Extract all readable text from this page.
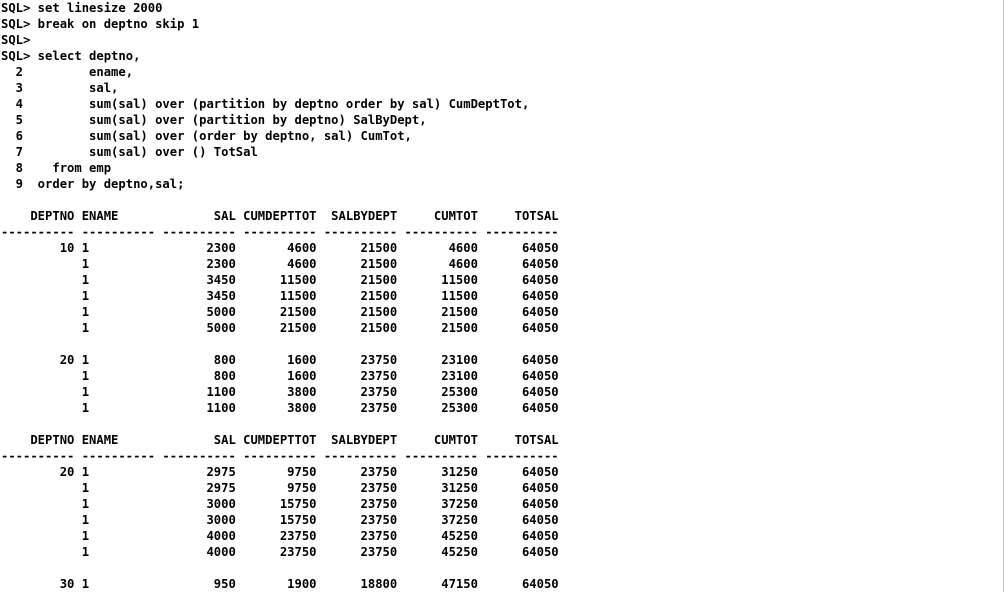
SQL> set linesize 2000
SQL> break on deptno skip 1
SQL>
SQL> select deptno,
2         ename,
3         sal,
4         sum(sal) over (partition by deptno order by sal) CumDeptTot,
5         sum(sal) over (partition by deptno) SalByDept,
6         sum(sal) over (order by deptno, sal) CumTot,
7         sum(sal) over () TotSal
8    from emp
9  order by deptno,sal;
DEPTNO ENAME             SAL CUMDEPTTOT  SALBYDEPT     CUMTOT     TOTSAL
---------- ---------- ---------- ---------- ---------- ---------- ----------
10 1                2300       4600      21500       4600      64050
1                2300       4600      21500       4600      64050
1                3450      11500      21500      11500      64050
1                3450      11500      21500      11500      64050
1                5000      21500      21500      21500      64050
1                5000      21500      21500      21500      64050
20 1                 800       1600      23750      23100      64050
1                 800       1600      23750      23100      64050
1                1100       3800      23750      25300      64050
1                1100       3800      23750      25300      64050
DEPTNO ENAME             SAL CUMDEPTTOT  SALBYDEPT     CUMTOT     TOTSAL
---------- ---------- ---------- ---------- ---------- ---------- ----------
20 1                2975       9750      23750      31250      64050
1                2975       9750      23750      31250      64050
1                3000      15750      23750      37250      64050
1                3000      15750      23750      37250      64050
1                4000      23750      23750      45250      64050
1                4000      23750      23750      45250      64050
30 1                 950       1900      18800      47150      64050
